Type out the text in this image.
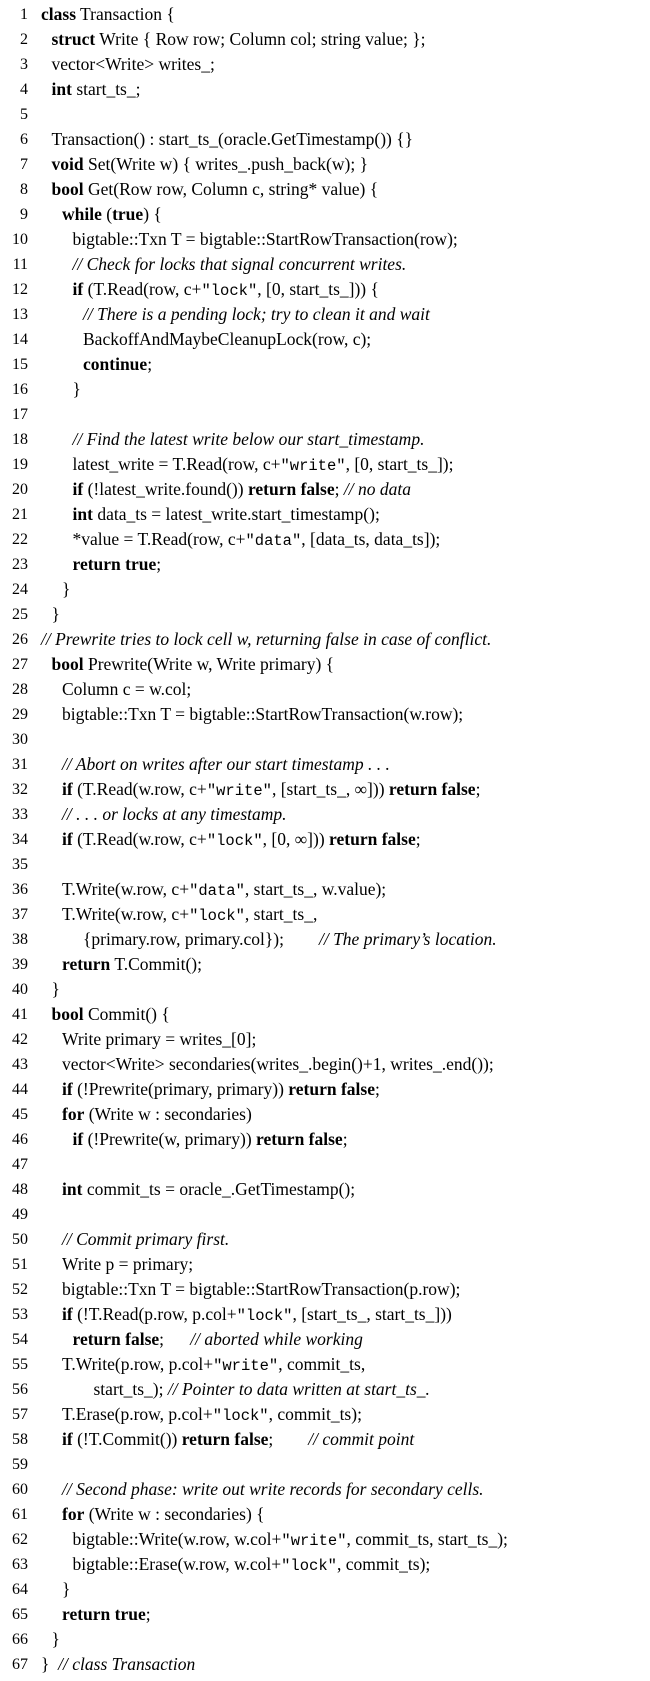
1 class Transaction {
2 struct Write { Row row; Column col; string value; };
3 vector<Write> writes_;
4 int start_ts_;
5
6 Transaction() : start_ts_(oracle.GetTimestamp()) {}
7 void Set(Write w) { writes_.push_back(w); }
8 bool Get(Row row, Column c, string* value) {
9 while (true) {
10	bigtable::Txn T = bigtable::StartRowTransaction(row);
11	// Check for locks that signal concurrent writes.
12	if (T.Read(row, c+"lock", [0, start_ts_])) {
13	// There is a pending lock; try to clean it and wait
14	BackoffAndMaybeCleanupLock(row, c);
15	continue;
16	}
17
18	// Find the latest write below our start_timestamp.
19	latest_write = T.Read(row, c+"write", [0, start_ts_]);
20	if (!latest_write.found()) return false; // no data
21	int data_ts = latest_write.start_timestamp();
22	*value = T.Read(row, c+"data", [data_ts, data_ts]);
23	return true;
24 }
25 }
26 // Prewrite tries to lock cell w, returning false in case of conflict.
27 bool Prewrite(Write w, Write primary) {
28 Column c = w.col;
29 bigtable::Txn T = bigtable::StartRowTransaction(w.row);
30
31 // Abort on writes after our start timestamp . . .
32 if (T.Read(w.row, c+"write", [start_ts_, ∞])) return false;
33 // . . . or locks at any timestamp.
34 if (T.Read(w.row, c+"lock", [0, ∞])) return false;
35
36 T.Write(w.row, c+"data", start_ts_, w.value);
37 T.Write(w.row, c+"lock", start_ts_,
38	{primary.row, primary.col});        // The primary’s location.
39 return T.Commit();
40 }
41 bool Commit() {
42 Write primary = writes_[0];
43 vector<Write> secondaries(writes_.begin()+1, writes_.end());
44 if (!Prewrite(primary, primary)) return false;
45 for (Write w : secondaries)
46	if (!Prewrite(w, primary)) return false;
47
48 int commit_ts = oracle_.GetTimestamp();
49
50 // Commit primary first.
51 Write p = primary;
52 bigtable::Txn T = bigtable::StartRowTransaction(p.row);
53 if (!T.Read(p.row, p.col+"lock", [start_ts_, start_ts_]))
54	return false;      // aborted while working
55 T.Write(p.row, p.col+"write", commit_ts,
56	start_ts_); // Pointer to data written at start_ts_.
57 T.Erase(p.row, p.col+"lock", commit_ts);
58 if (!T.Commit()) return false;        // commit point
59
60 // Second phase: write out write records for secondary cells.
61 for (Write w : secondaries) {
62	bigtable::Write(w.row, w.col+"write", commit_ts, start_ts_);
63	bigtable::Erase(w.row, w.col+"lock", commit_ts);
64 }
65 return true;
66 }
67 }  // class Transaction
